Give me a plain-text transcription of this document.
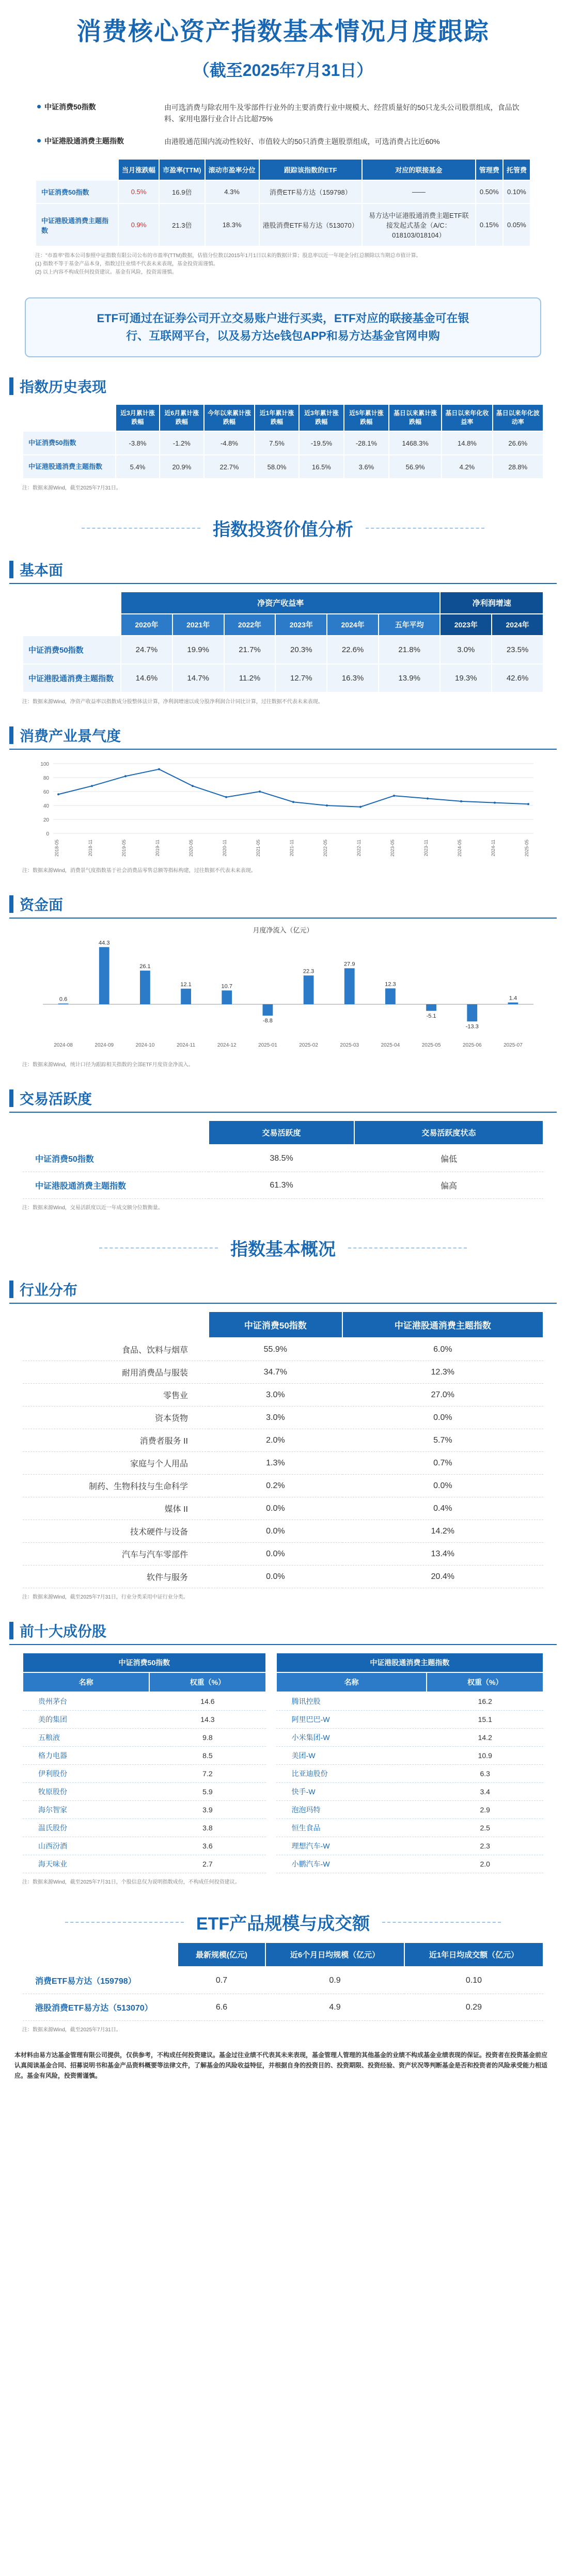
消费核心资产指数基本情况月度跟踪
（截至2025年7月31日）
中证消费50指数	由可选消费与除农用牛及零部件行业外的主要消费行业中规模大、经营质量好的50只龙头公司股票组成，食品饮料、家用电器行业合计占比超75%
中证港股通消费主题指数	由港股通范围内流动性较好、市值较大的50只消费主题股票组成，可选消费占比近60%
	当月涨跌幅	市盈率(TTM)	滚动市盈率分位	跟踪该指数的ETF	对应的联接基金	管理费	托管费
中证消费50指数	0.5%	16.9倍	4.3%	消费ETF易方达（159798）	——	0.50%	0.10%
中证港股通消费主题指数	0.9%	21.3倍	18.3%	港股消费ETF易方达（513070）	易方达中证港股通消费主题ETF联接发起式基金（A/C：018103/018104）	0.15%	0.05%
注："市盈率"指本公司参照中证指数有限公司公布的市盈率(TTM)数据，估值分位数以2015年1月1日以来的数据计算；股息率以近一年现金分红总额除以当期总市值计算。
(1) 指数不等于基金产品本身，指数过往业绩不代表未来表现，基金投资需谨慎。
(2) 以上内容不构成任何投资建议。基金有风险，投资需谨慎。
ETF可通过在证券公司开立交易账户进行买卖，ETF对应的联接基金可在银
行、互联网平台，以及易方达e钱包APP和易方达基金官网申购
指数历史表现
	近3月累计涨跌幅	近6月累计涨跌幅	今年以来累计涨跌幅	近1年累计涨跌幅	近3年累计涨跌幅	近5年累计涨跌幅	基日以来累计涨跌幅	基日以来年化收益率	基日以来年化波动率
中证消费50指数	-3.8%	-1.2%	-4.8%	7.5%	-19.5%	-28.1%	1468.3%	14.8%	26.6%
中证港股通消费主题指数	5.4%	20.9%	22.7%	58.0%	16.5%	3.6%	56.9%	4.2%	28.8%
注：数据来源Wind，截至2025年7月31日。
指数投资价值分析
基本面
	净资产收益率						净利润增速	
	2020年	2021年	2022年	2023年	2024年	五年平均	2023年	2024年
中证消费50指数	24.7%	19.9%	21.7%	20.3%	22.6%	21.8%	3.0%	23.5%
中证港股通消费主题指数	14.6%	14.7%	11.2%	12.7%	16.3%	13.9%	19.3%	42.6%
注：数据来源Wind，净资产收益率以指数成分股整体法计算，净利润增速以成分股净利润合计同比计算，过往数据不代表未来表现。
消费产业景气度
0
20
40
60
80
100
2018-05	2018-11	2019-05	2019-11	2020-05	2020-11	2021-05	2021-11	2022-05	2022-11	2023-05	2023-11	2024-05	2024-11	2025-05
注：数据来源Wind，消费景气度指数基于社会消费品零售总额等指标构建，过往数据不代表未来表现。
资金面
月度净流入（亿元）
0.6
2024-08
44.3
2024-09
26.1
2024-10
12.1
2024-11
10.7
2024-12
-8.8
2025-01
22.3
2025-02
27.9
2025-03
12.3
2025-04
-5.1
2025-05
-13.3
2025-06
1.4
2025-07
注：数据来源Wind，统计口径为跟踪相关指数的全部ETF月度资金净流入。
交易活跃度
	交易活跃度	交易活跃度状态
中证消费50指数	38.5%	偏低
中证港股通消费主题指数	61.3%	偏高
注：数据来源Wind，交易活跃度以近一年成交额分位数衡量。
指数基本概况
行业分布
	中证消费50指数	中证港股通消费主题指数
食品、饮料与烟草	55.9%	6.0%
耐用消费品与服装	34.7%	12.3%
零售业	3.0%	27.0%
资本货物	3.0%	0.0%
消费者服务 II	2.0%	5.7%
家庭与个人用品	1.3%	0.7%
制药、生物科技与生命科学	0.2%	0.0%
媒体 II	0.0%	0.4%
技术硬件与设备	0.0%	14.2%
汽车与汽车零部件	0.0%	13.4%
软件与服务	0.0%	20.4%
注：数据来源Wind，截至2025年7月31日，行业分类采用中证行业分类。
前十大成份股
中证消费50指数			中证港股通消费主题指数	
名称	权重（%）		名称	权重（%）
贵州茅台	14.6		腾讯控股	16.2
美的集团	14.3		阿里巴巴-W	15.1
五粮液	9.8		小米集团-W	14.2
格力电器	8.5		美团-W	10.9
伊利股份	7.2		比亚迪股份	6.3
牧原股份	5.9		快手-W	3.4
海尔智家	3.9		泡泡玛特	2.9
温氏股份	3.8		恒生食品	2.5
山西汾酒	3.6		理想汽车-W	2.3
海天味业	2.7		小鹏汽车-W	2.0
注：数据来源Wind，截至2025年7月31日，个股信息仅为说明指数成份，不构成任何投资建议。
ETF产品规模与成交额
	最新规模(亿元)	近6个月日均规模（亿元）	近1年日均成交额（亿元）
消费ETF易方达（159798）	0.7	0.9	0.10
港股消费ETF易方达（513070）	6.6	4.9	0.29
注：数据来源Wind，截至2025年7月31日。
本材料由易方达基金管理有限公司提供，仅供参考，不构成任何投资建议。基金过往业绩不代表其未来表现，基金管理人管理的其他基金的业绩不构成基金业绩表现的保证。投资者在投资基金前应认真阅读基金合同、招募说明书和基金产品资料概要等法律文件，了解基金的风险收益特征，并根据自身的投资目的、投资期限、投资经验、资产状况等判断基金是否和投资者的风险承受能力相适应。基金有风险，投资需谨慎。
